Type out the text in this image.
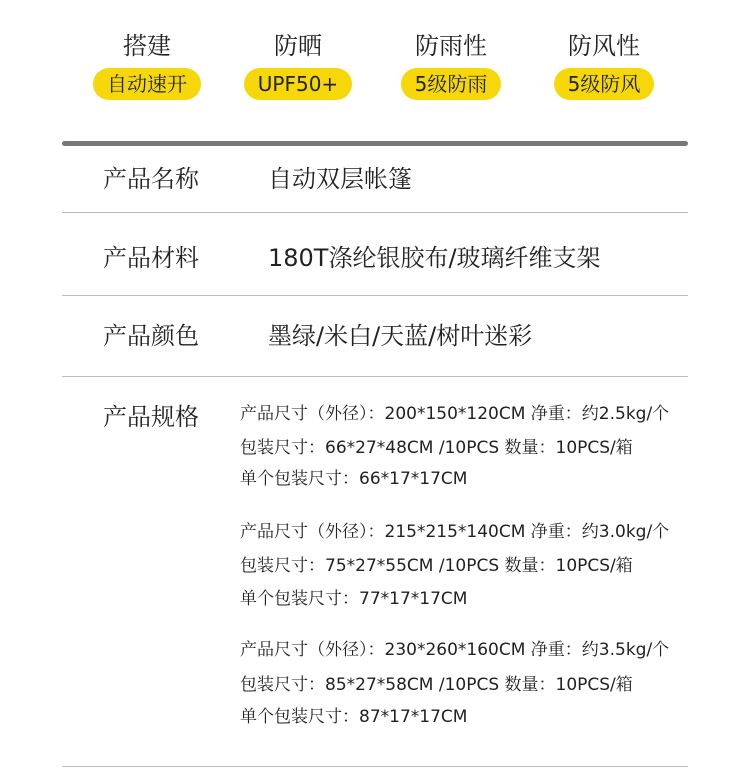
搭建
自动速开
防晒
UPF50+
防雨性
5级防雨
防风性
5级防风
产品名称	自动双层帐篷
产品材料	180T涤纶银胶布/玻璃纤维支架
产品颜色	墨绿/米白/天蓝/树叶迷彩
产品规格 产品尺寸（外径）：200*150*120CM 净重：约2.5kg/个
包装尺寸：66*27*48CM /10PCS 数量：10PCS/箱
单个包装尺寸：66*17*17CM
产品尺寸（外径）：215*215*140CM 净重：约3.0kg/个
包装尺寸：75*27*55CM /10PCS 数量：10PCS/箱
单个包装尺寸：77*17*17CM
产品尺寸（外径）：230*260*160CM 净重：约3.5kg/个
包装尺寸：85*27*58CM /10PCS 数量：10PCS/箱
单个包装尺寸：87*17*17CM
